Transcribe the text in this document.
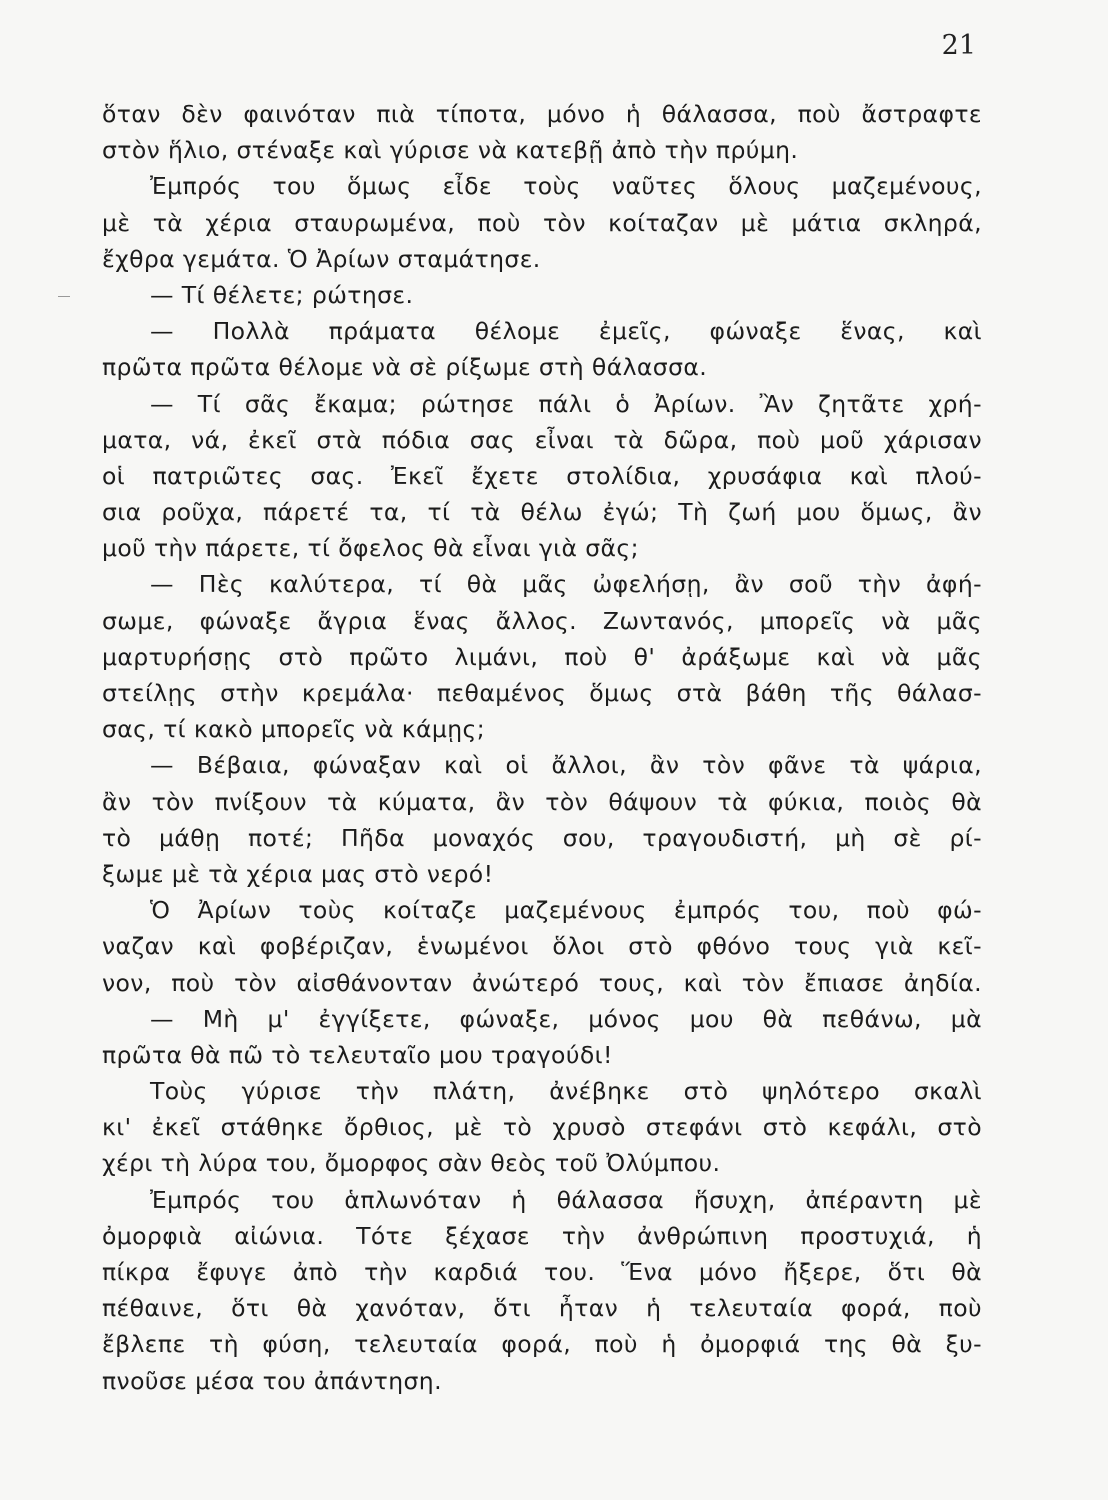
21
ὅταν δὲν φαινόταν πιὰ τίποτα, μόνο ἡ θάλασσα, ποὺ ἄστραφτε
στὸν ἥλιο, στέναξε καὶ γύρισε νὰ κατεβῇ ἀπὸ τὴν πρύμη.
Ἐμπρός του ὅμως εἶδε τοὺς ναῦτες ὅλους μαζεμένους,
μὲ τὰ χέρια σταυρωμένα, ποὺ τὸν κοίταζαν μὲ μάτια σκληρά,
ἔχθρα γεμάτα. Ὁ Ἀρίων σταμάτησε.
— Τί θέλετε; ρώτησε.
— Πολλὰ πράματα θέλομε ἐμεῖς, φώναξε ἕνας, καὶ
πρῶτα πρῶτα θέλομε νὰ σὲ ρίξωμε στὴ θάλασσα.
— Τί σᾶς ἔκαμα; ρώτησε πάλι ὁ Ἀρίων. Ἂν ζητᾶτε χρή-
ματα, νά, ἐκεῖ στὰ πόδια σας εἶναι τὰ δῶρα, ποὺ μοῦ χάρισαν
οἱ πατριῶτες σας. Ἐκεῖ ἔχετε στολίδια, χρυσάφια καὶ πλού-
σια ροῦχα, πάρετέ τα, τί τὰ θέλω ἐγώ; Τὴ ζωή μου ὅμως, ἂν
μοῦ τὴν πάρετε, τί ὄφελος θὰ εἶναι γιὰ σᾶς;
— Πὲς καλύτερα, τί θὰ μᾶς ὠφελήσῃ, ἂν σοῦ τὴν ἀφή-
σωμε, φώναξε ἄγρια ἕνας ἄλλος. Ζωντανός, μπορεῖς νὰ μᾶς
μαρτυρήσῃς στὸ πρῶτο λιμάνι, ποὺ θ' ἀράξωμε καὶ νὰ μᾶς
στείλῃς στὴν κρεμάλα· πεθαμένος ὅμως στὰ βάθη τῆς θάλασ-
σας, τί κακὸ μπορεῖς νὰ κάμῃς;
— Βέβαια, φώναξαν καὶ οἱ ἄλλοι, ἂν τὸν φᾶνε τὰ ψάρια,
ἂν τὸν πνίξουν τὰ κύματα, ἂν τὸν θάψουν τὰ φύκια, ποιὸς θὰ
τὸ μάθῃ ποτέ; Πῆδα μοναχός σου, τραγουδιστή, μὴ σὲ ρί-
ξωμε μὲ τὰ χέρια μας στὸ νερό!
Ὁ Ἀρίων τοὺς κοίταζε μαζεμένους ἐμπρός του, ποὺ φώ-
ναζαν καὶ φοβέριζαν, ἑνωμένοι ὅλοι στὸ φθόνο τους γιὰ κεῖ-
νον, ποὺ τὸν αἰσθάνονταν ἀνώτερό τους, καὶ τὸν ἔπιασε ἀηδία.
— Μὴ μ' ἐγγίξετε, φώναξε, μόνος μου θὰ πεθάνω, μὰ
πρῶτα θὰ πῶ τὸ τελευταῖο μου τραγούδι!
Τοὺς γύρισε τὴν πλάτη, ἀνέβηκε στὸ ψηλότερο σκαλὶ
κι' ἐκεῖ στάθηκε ὄρθιος, μὲ τὸ χρυσὸ στεφάνι στὸ κεφάλι, στὸ
χέρι τὴ λύρα του, ὄμορφος σὰν θεὸς τοῦ Ὀλύμπου.
Ἐμπρός του ἁπλωνόταν ἡ θάλασσα ἥσυχη, ἀπέραντη μὲ
ὀμορφιὰ αἰώνια. Τότε ξέχασε τὴν ἀνθρώπινη προστυχιά, ἡ
πίκρα ἔφυγε ἀπὸ τὴν καρδιά του. Ἕνα μόνο ἤξερε, ὅτι θὰ
πέθαινε, ὅτι θὰ χανόταν, ὅτι ἦταν ἡ τελευταία φορά, ποὺ
ἔβλεπε τὴ φύση, τελευταία φορά, ποὺ ἡ ὀμορφιά της θὰ ξυ-
πνοῦσε μέσα του ἀπάντηση.
